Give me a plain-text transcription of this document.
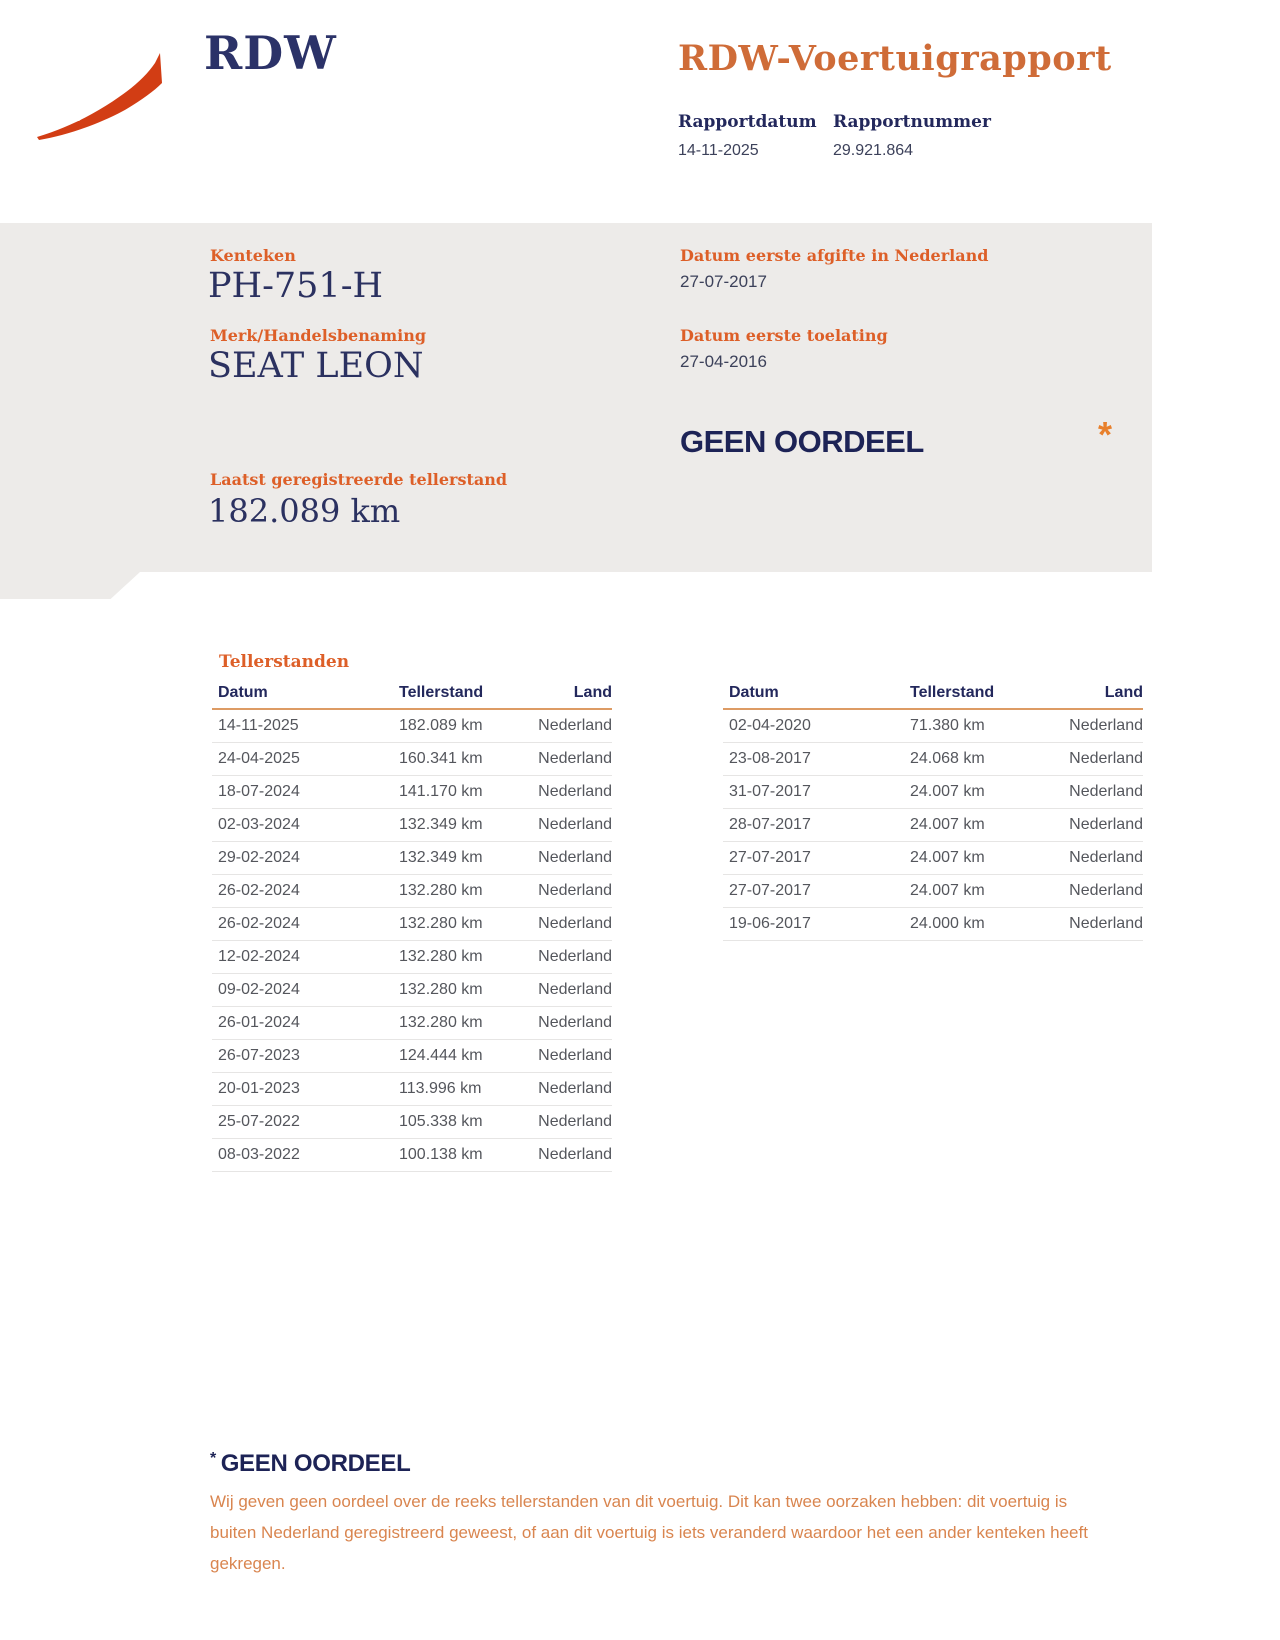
RDW	RDW-Voertuigrapport
Rapportdatum Rapportnummer
14-11-2025	29.921.864
Kenteken
PH-751-H
Merk/Handelsbenaming
SEAT LEON
Datum eerste afgifte in Nederland
27-07-2017
Datum eerste toelating
27-04-2016
GEEN OORDEEL	*
Laatst geregistreerde tellerstand
182.089 km
Tellerstanden
Datum	Tellerstand	Land
14-11-2025	182.089 km	Nederland
24-04-2025	160.341 km	Nederland
18-07-2024	141.170 km	Nederland
02-03-2024	132.349 km	Nederland
29-02-2024	132.349 km	Nederland
26-02-2024	132.280 km	Nederland
26-02-2024	132.280 km	Nederland
12-02-2024	132.280 km	Nederland
09-02-2024	132.280 km	Nederland
26-01-2024	132.280 km	Nederland
26-07-2023	124.444 km	Nederland
20-01-2023	113.996 km	Nederland
25-07-2022	105.338 km	Nederland
08-03-2022	100.138 km	Nederland
Datum	Tellerstand	Land
02-04-2020	71.380 km	Nederland
23-08-2017	24.068 km	Nederland
31-07-2017	24.007 km	Nederland
28-07-2017	24.007 km	Nederland
27-07-2017	24.007 km	Nederland
27-07-2017	24.007 km	Nederland
19-06-2017	24.000 km	Nederland
* GEEN OORDEEL
Wij geven geen oordeel over de reeks tellerstanden van dit voertuig. Dit kan twee oorzaken hebben: dit voertuig is buiten Nederland geregistreerd geweest, of aan dit voertuig is iets veranderd waardoor het een ander kenteken heeft gekregen.
